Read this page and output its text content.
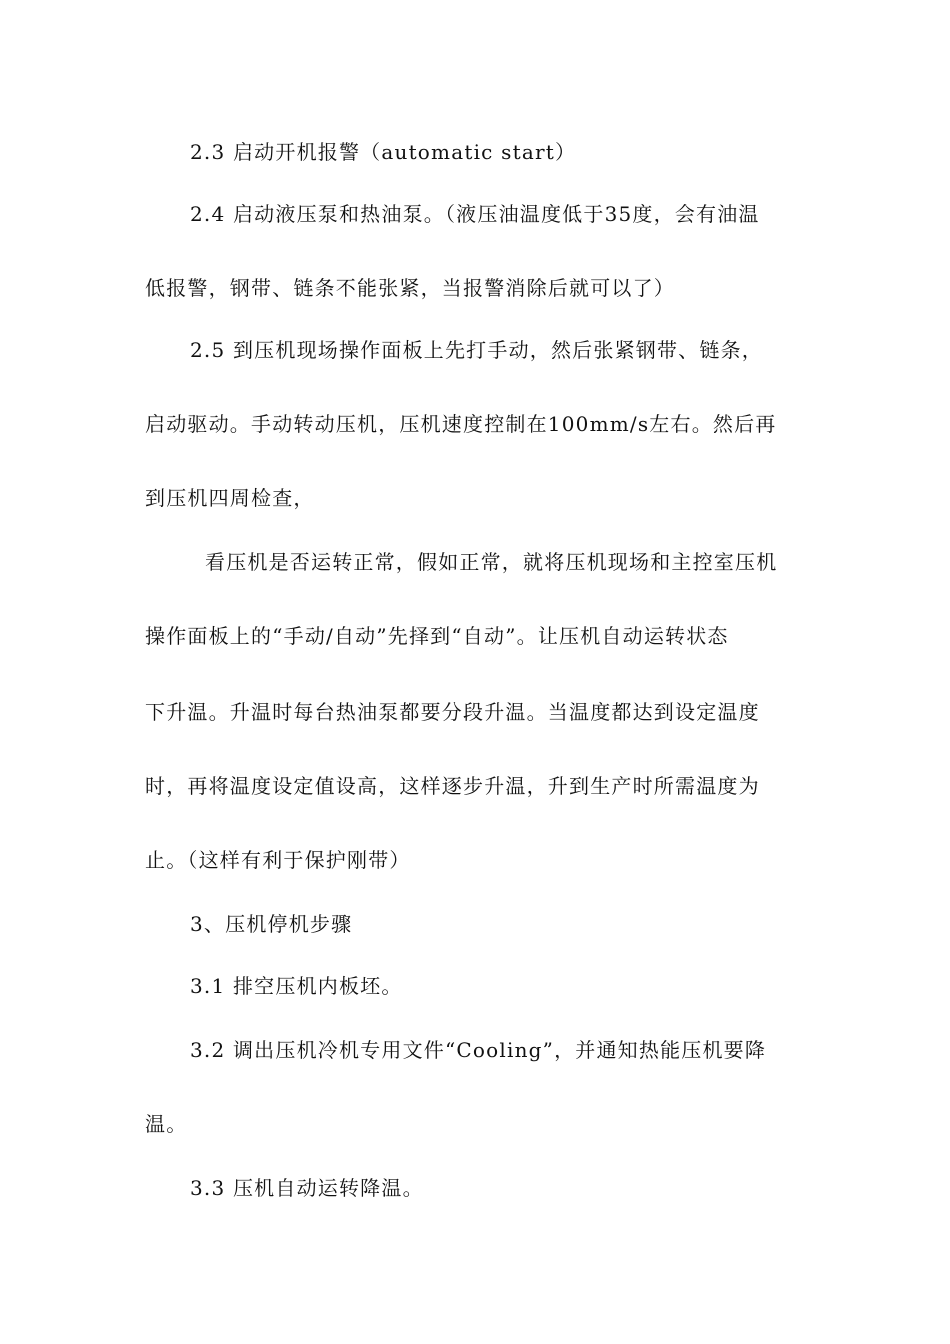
2.3 启动开机报警（automatic start）
2.4 启动液压泵和热油泵。（液压油温度低于35度，会有油温
低报警，钢带、链条不能张紧，当报警消除后就可以了）
2.5 到压机现场操作面板上先打手动，然后张紧钢带、链条，
启动驱动。手动转动压机，压机速度控制在100mm/s左右。然后再
到压机四周检查，
看压机是否运转正常，假如正常，就将压机现场和主控室压机
操作面板上的“手动/自动”先择到“自动”。让压机自动运转状态
下升温。升温时每台热油泵都要分段升温。当温度都达到设定温度
时，再将温度设定值设高，这样逐步升温，升到生产时所需温度为
止。（这样有利于保护刚带）
3、压机停机步骤
3.1 排空压机内板坯。
3.2 调出压机冷机专用文件“Cooling”，并通知热能压机要降
温。
3.3 压机自动运转降温。
